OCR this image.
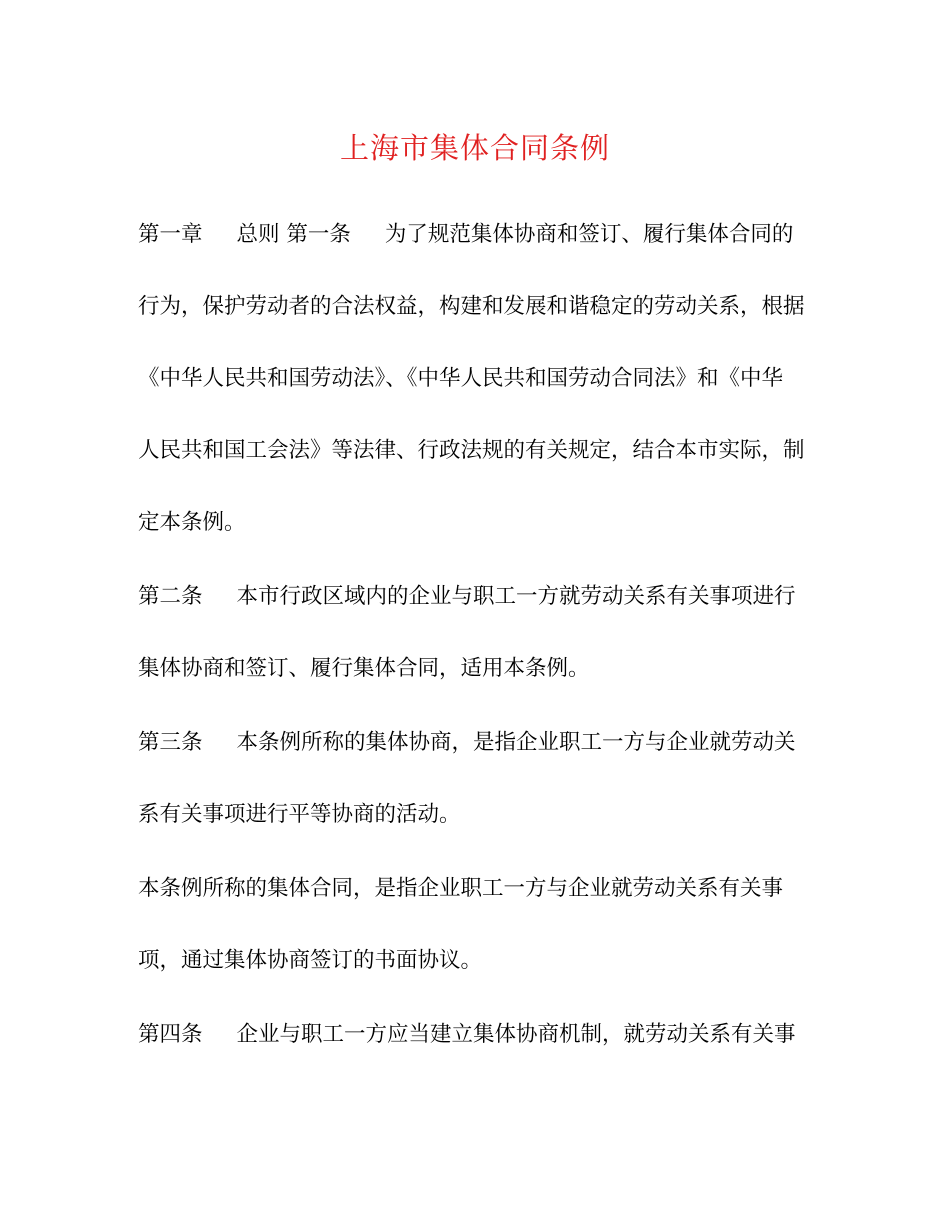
上海市集体合同条例

第一章 总则 第一条 为了规范集体协商和签订、履行集体合同的

行为，保护劳动者的合法权益，构建和发展和谐稳定的劳动关系，根据

《中华人民共和国劳动法》、《中华人民共和国劳动合同法》和《中华

人民共和国工会法》等法律、行政法规的有关规定，结合本市实际，制

定本条例。

第二条 本市行政区域内的企业与职工一方就劳动关系有关事项进行

集体协商和签订、履行集体合同，适用本条例。

第三条 本条例所称的集体协商，是指企业职工一方与企业就劳动关

系有关事项进行平等协商的活动。

本条例所称的集体合同，是指企业职工一方与企业就劳动关系有关事

项，通过集体协商签订的书面协议。

第四条 企业与职工一方应当建立集体协商机制，就劳动关系有关事
